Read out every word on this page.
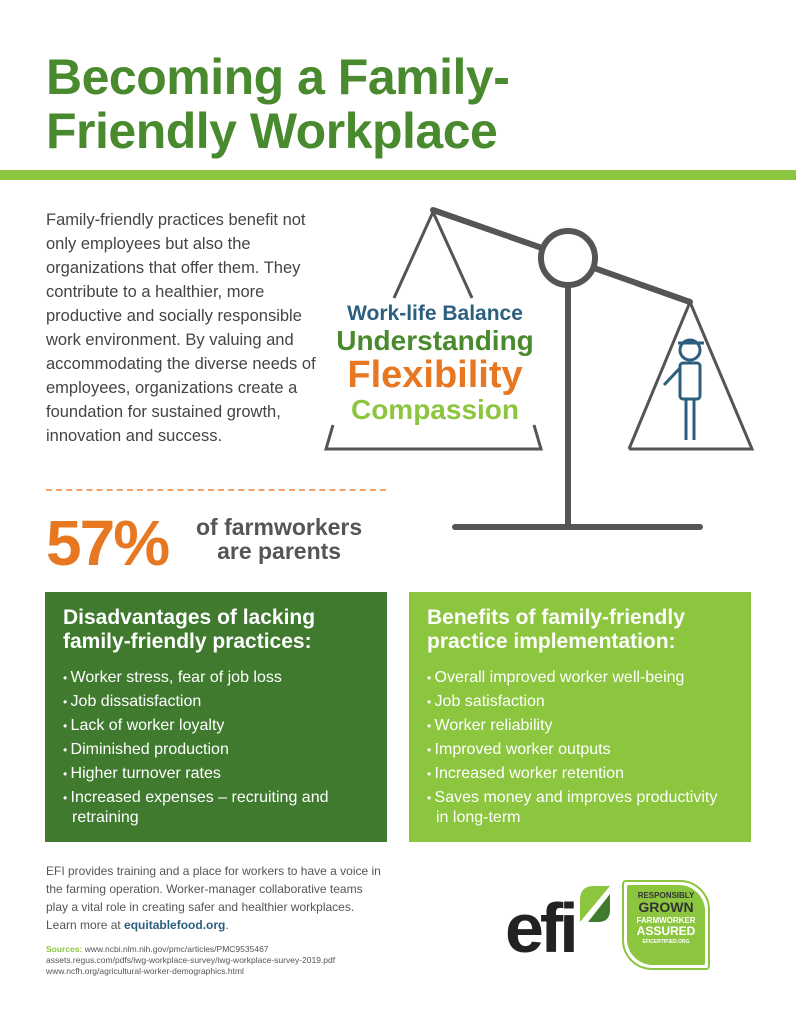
Becoming a Family-
Friendly Workplace

Family-friendly practices benefit not only employees but also the organizations that offer them. They contribute to a healthier, more productive and socially responsible work environment. By valuing and accommodating the diverse needs of employees, organizations create a foundation for sustained growth, innovation and success.

Work-life Balance
Understanding
Flexibility
Compassion
57% of farmworkers
are parents
Disadvantages of lacking family-friendly practices:
• Worker stress, fear of job loss
• Job dissatisfaction
• Lack of worker loyalty
• Diminished production
• Higher turnover rates
• Increased expenses – recruiting and retraining
Benefits of family-friendly practice implementation:
• Overall improved worker well-being
• Job satisfaction
• Worker reliability
• Improved worker outputs
• Increased worker retention
• Saves money and improves productivity in long-term

EFI provides training and a place for workers to have a voice in the farming operation. Worker-manager collaborative teams play a vital role in creating safer and healthier workplaces. Learn more at equitablefood.org.

Sources: www.ncbi.nlm.nih.gov/pmc/articles/PMC9535467
assets.regus.com/pdfs/iwg-workplace-survey/iwg-workplace-survey-2019.pdf
www.ncfh.org/agricultural-worker-demographics.html
efi	RESPONSIBLY
GROWN
FARMWORKER
ASSURED
EFICERTIFIED.ORG
